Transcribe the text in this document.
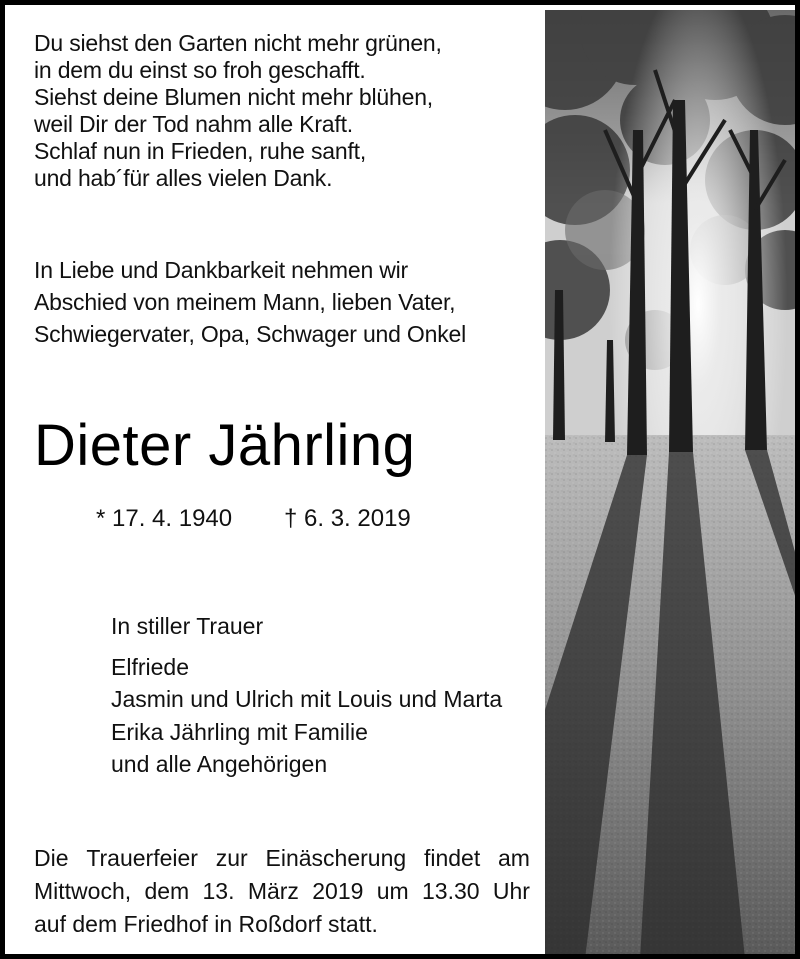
Du siehst den Garten nicht mehr grünen,
in dem du einst so froh geschafft.
Siehst deine Blumen nicht mehr blühen,
weil Dir der Tod nahm alle Kraft.
Schlaf nun in Frieden, ruhe sanft,
und hab´für alles vielen Dank.
In Liebe und Dankbarkeit nehmen wir
Abschied von meinem Mann, lieben Vater,
Schwiegervater, Opa, Schwager und Onkel
Dieter Jährling
* 17. 4. 1940 † 6. 3. 2019
In stiller Trauer
Elfriede
Jasmin und Ulrich mit Louis und Marta
Erika Jährling mit Familie
und alle Angehörigen
Die Trauerfeier zur Einäscherung findet am
Mittwoch, dem 13. März 2019 um 13.30 Uhr
auf dem Friedhof in Roßdorf statt.
